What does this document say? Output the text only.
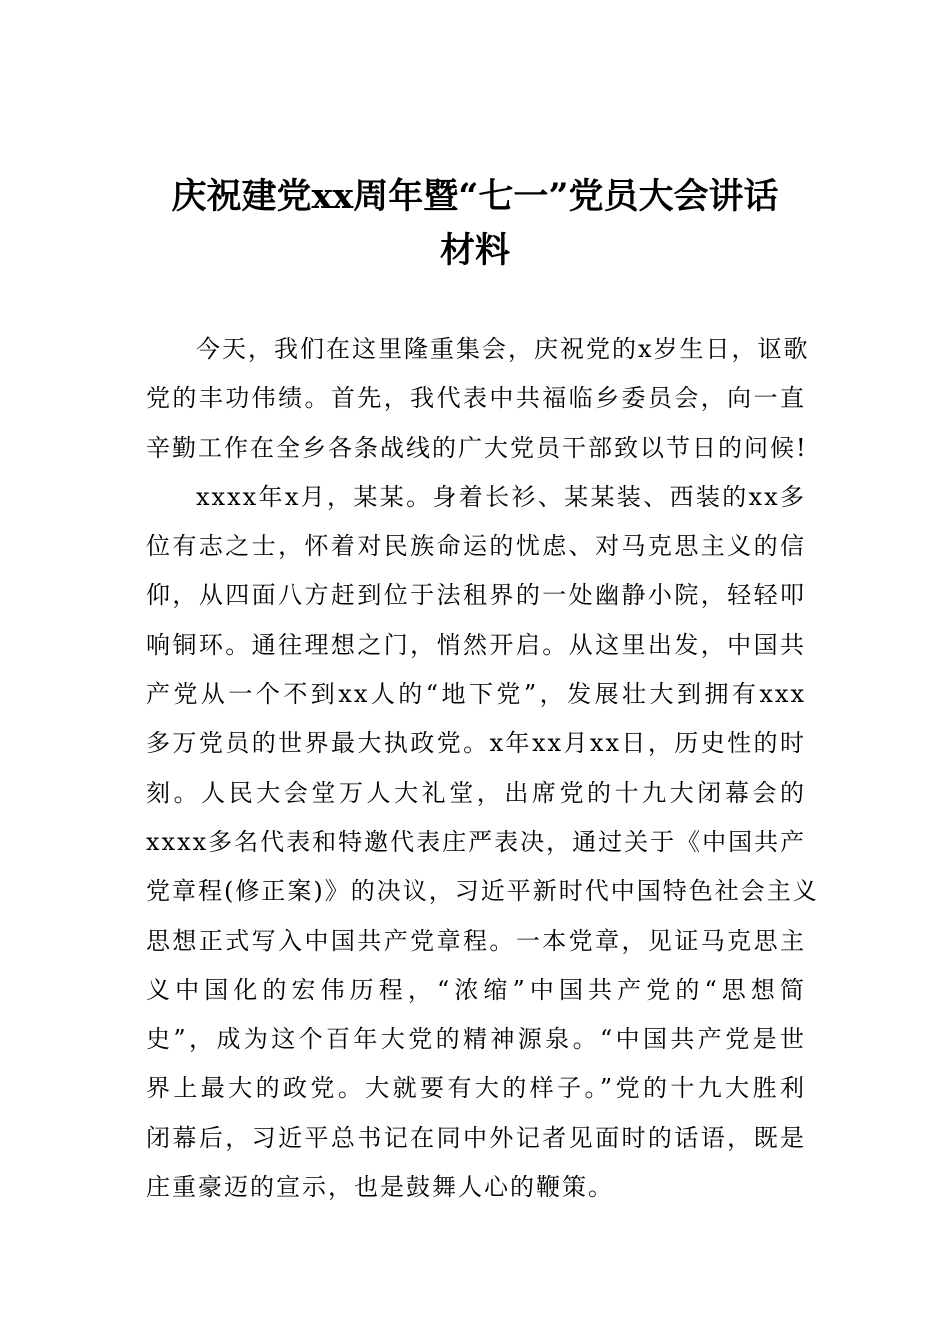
庆祝建党xx周年暨“七一”党员大会讲话
材料
今天，我们在这里隆重集会，庆祝党的x岁生日，讴歌
党的丰功伟绩。首先，我代表中共福临乡委员会，向一直
辛勤工作在全乡各条战线的广大党员干部致以节日的问候!
xxxx年x月，某某。身着长衫、某某装、西装的xx多
位有志之士，怀着对民族命运的忧虑、对马克思主义的信
仰，从四面八方赶到位于法租界的一处幽静小院，轻轻叩
响铜环。通往理想之门，悄然开启。从这里出发，中国共
产党从一个不到xx人的“地下党”，发展壮大到拥有xxx
多万党员的世界最大执政党。x年xx月xx日，历史性的时
刻。人民大会堂万人大礼堂，出席党的十九大闭幕会的
xxxx多名代表和特邀代表庄严表决，通过关于《中国共产
党章程(修正案)》的决议，习近平新时代中国特色社会主义
思想正式写入中国共产党章程。一本党章，见证马克思主
义中国化的宏伟历程，“浓缩”中国共产党的“思想简
史”，成为这个百年大党的精神源泉。“中国共产党是世
界上最大的政党。大就要有大的样子。”党的十九大胜利
闭幕后，习近平总书记在同中外记者见面时的话语，既是
庄重豪迈的宣示，也是鼓舞人心的鞭策。
